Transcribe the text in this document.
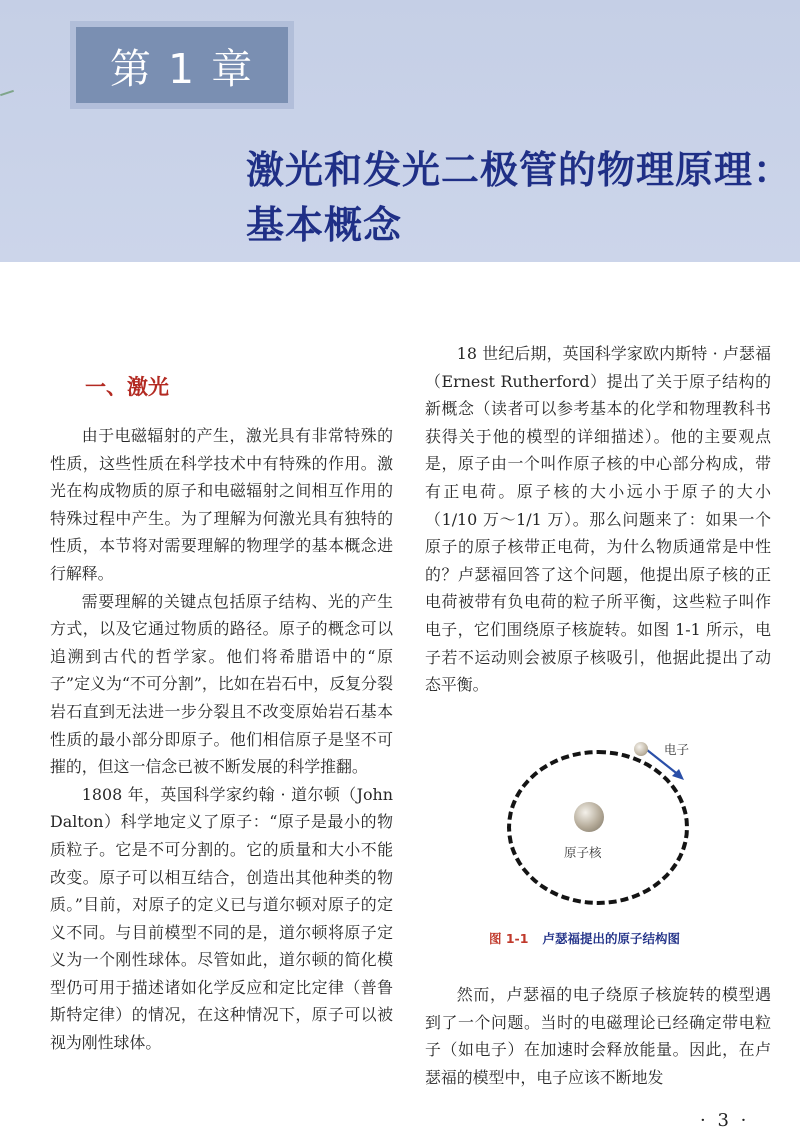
第 1 章
激光和发光二极管的物理原理：
基本概念
一、激光

由于电磁辐射的产生，激光具有非常特殊的性质，这些性质在科学技术中有特殊的作用。激光在构成物质的原子和电磁辐射之间相互作用的特殊过程中产生。为了理解为何激光具有独特的性质，本节将对需要理解的物理学的基本概念进行解释。

需要理解的关键点包括原子结构、光的产生方式，以及它通过物质的路径。原子的概念可以追溯到古代的哲学家。他们将希腊语中的“原子”定义为“不可分割”，比如在岩石中，反复分裂岩石直到无法进一步分裂且不改变原始岩石基本性质的最小部分即原子。他们相信原子是坚不可摧的，但这一信念已被不断发展的科学推翻。

1808 年，英国科学家约翰 · 道尔顿（John Dalton）科学地定义了原子：“原子是最小的物质粒子。它是不可分割的。它的质量和大小不能改变。原子可以相互结合，创造出其他种类的物质。”目前，对原子的定义已与道尔顿对原子的定义不同。与目前模型不同的是，道尔顿将原子定义为一个刚性球体。尽管如此，道尔顿的简化模型仍可用于描述诸如化学反应和定比定律（普鲁斯特定律）的情况，在这种情况下，原子可以被视为刚性球体。

18 世纪后期，英国科学家欧内斯特 · 卢瑟福（Ernest Rutherford）提出了关于原子结构的新概念（读者可以参考基本的化学和物理教科书获得关于他的模型的详细描述）。他的主要观点是，原子由一个叫作原子核的中心部分构成，带有正电荷。原子核的大小远小于原子的大小（1/10 万～1/1 万）。那么问题来了：如果一个原子的原子核带正电荷，为什么物质通常是中性的？卢瑟福回答了这个问题，他提出原子核的正电荷被带有负电荷的粒子所平衡，这些粒子叫作电子，它们围绕原子核旋转。如图 1-1 所示，电子若不运动则会被原子核吸引，他据此提出了动态平衡。

电子
原子核
图 1-1 卢瑟福提出的原子结构图

然而，卢瑟福的电子绕原子核旋转的模型遇到了一个问题。当时的电磁理论已经确定带电粒子（如电子）在加速时会释放能量。因此，在卢瑟福的模型中，电子应该不断地发

· 3 ·
